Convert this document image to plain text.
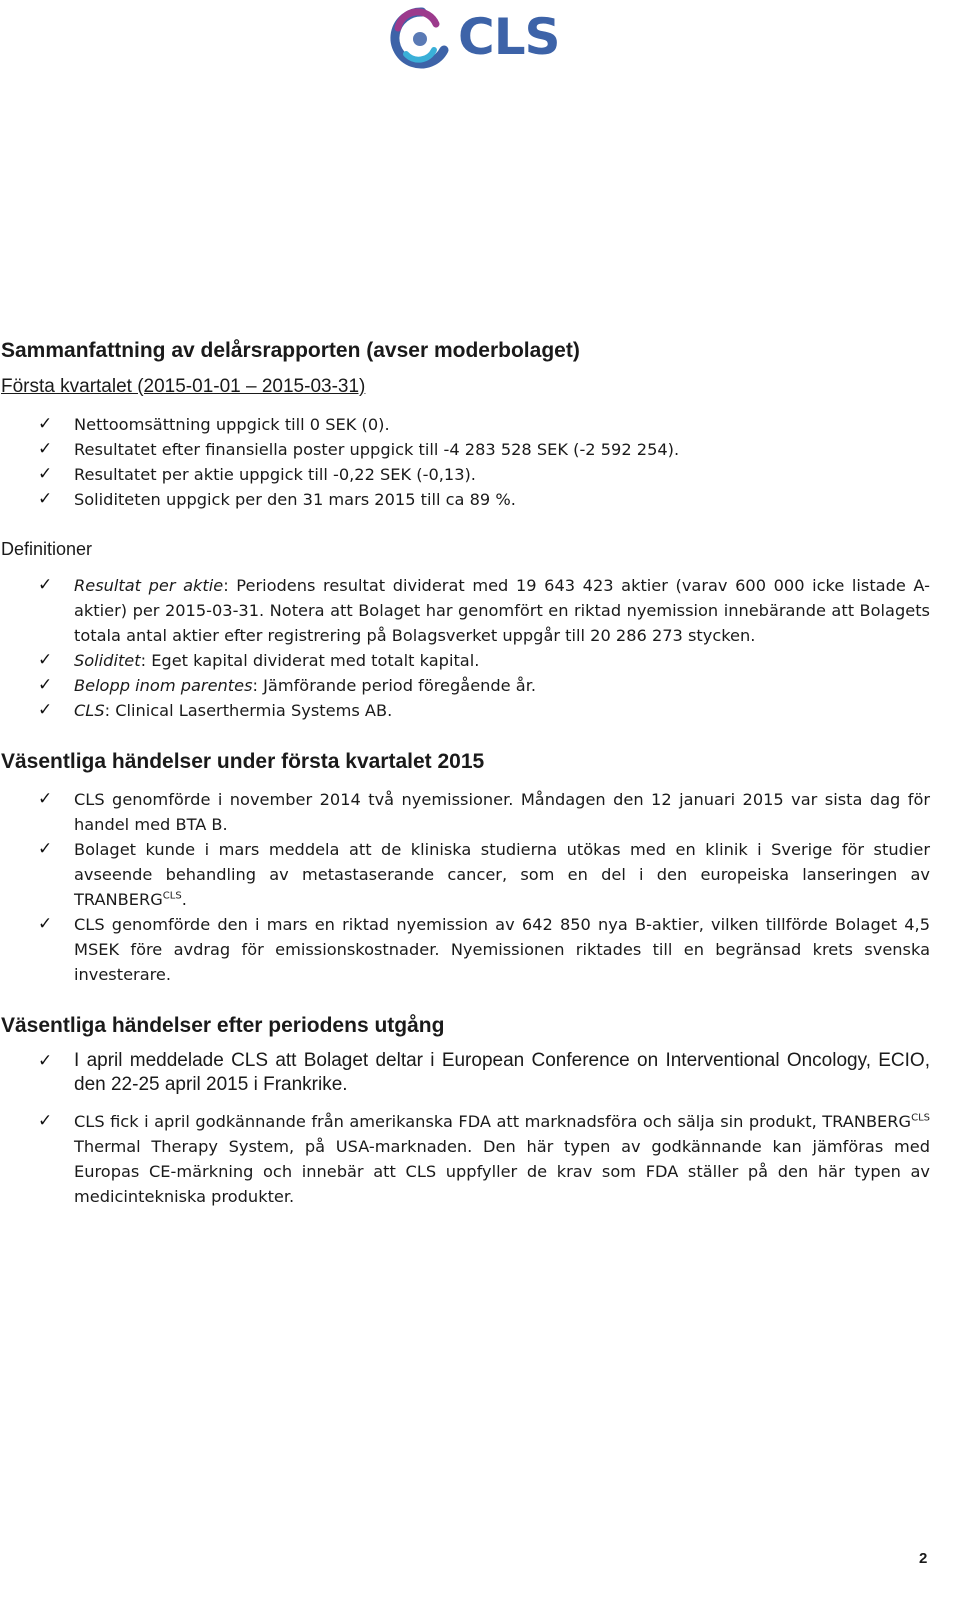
CLS
Sammanfattning av delårsrapporten (avser moderbolaget)
Första kvartalet (2015-01-01 – 2015-03-31)
✓ Nettoomsättning uppgick till 0 SEK (0).
✓ Resultatet efter finansiella poster uppgick till -4 283 528 SEK (-2 592 254).
✓ Resultatet per aktie uppgick till -0,22 SEK (-0,13).
✓ Soliditeten uppgick per den 31 mars 2015 till ca 89 %.
Definitioner
✓ Resultat per aktie: Periodens resultat dividerat med 19 643 423 aktier (varav 600 000 icke listade A-aktier) per 2015-03-31. Notera att Bolaget har genomfört en riktad nyemission innebärande att Bolagets totala antal aktier efter registrering på Bolagsverket uppgår till 20 286 273 stycken.
✓ Soliditet: Eget kapital dividerat med totalt kapital.
✓ Belopp inom parentes: Jämförande period föregående år.
✓ CLS: Clinical Laserthermia Systems AB.
Väsentliga händelser under första kvartalet 2015
✓ CLS genomförde i november 2014 två nyemissioner. Måndagen den 12 januari 2015 var sista dag för handel med BTA B.
✓ Bolaget kunde i mars meddela att de kliniska studierna utökas med en klinik i Sverige för studier avseende behandling av metastaserande cancer, som en del i den europeiska lanseringen av $TRANBERG^{CLS}$.
✓ CLS genomförde den i mars en riktad nyemission av 642 850 nya B-aktier, vilken tillförde Bolaget 4,5 MSEK före avdrag för emissionskostnader. Nyemissionen riktades till en begränsad krets svenska investerare.
Väsentliga händelser efter periodens utgång
✓ I april meddelade CLS att Bolaget deltar i European Conference on Interventional Oncology, ECIO, den 22-25 april 2015 i Frankrike.
✓ CLS fick i april godkännande från amerikanska FDA att marknadsföra och sälja sin produkt, $TRANBERG^{CLS}$ Thermal Therapy System, på USA-marknaden. Den här typen av godkännande kan jämföras med Europas CE-märkning och innebär att CLS uppfyller de krav som FDA ställer på den här typen av medicintekniska produkter.
2
